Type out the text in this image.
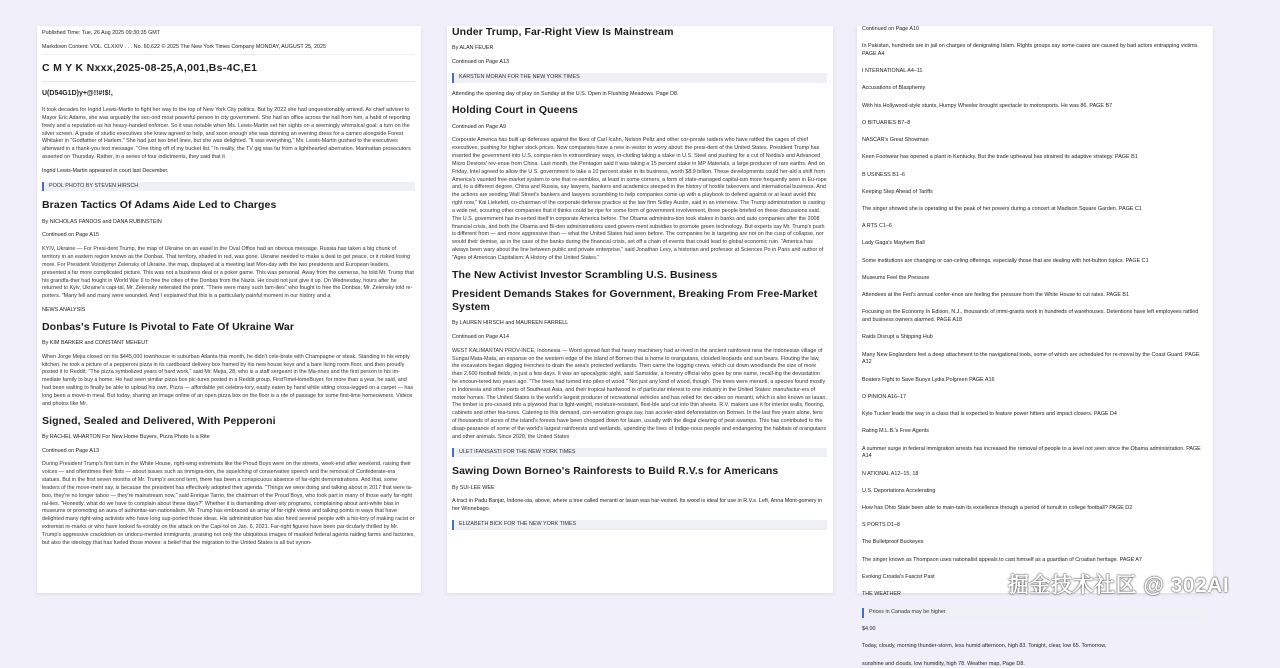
Published Time: Tue, 26 Aug 2025 09:30:35 GMT

Markdown Content: VOL. CLXXIV . . . No. 60,622 © 2025 The New York Times Company MONDAY, AUGUST 25, 2025

C M Y K Nxxx,2025-08-25,A,001,Bs-4C,E1
U(D54G1D)y+@!!#!$!,

It took decades for Ingrid Lewis-Martin to fight her way to the top of New York City politics. But by 2022 she had unquestionably arrived. As chief adviser to Mayor Eric Adams, she was arguably the sec-ond most powerful person in city government. She had an office across the hall from him, a habit of reporting freely and a reputation as his heavy-handed enforcer. So it was notable when Ms. Lewis-Martin set her sights on a seemingly whimsical goal: a turn on the silver screen. A grade of studio executives she knew agreed to help, and soon enough she was donning an evening dress for a cameo alongside Forest Whitaker in "Godfather of Harlem." She had just two brief lines, but she was delighted. "It was everything," Ms. Lewis-Martin gushed to the executives afterward in a thank-you text message. "One thing off of my bucket list." In reality, the TV gig was far from a lighthearted aberration. Manhattan prosecutors asserted on Thursday. Rather, in a series of four indictments, they said that it

Ingrid Lewis-Martin appeared in court last December.

POOL PHOTO BY STEVEN HIRSCH
Brazen Tactics Of Adams Aide Led to Charges

By NICHOLAS FANDOS and DANA RUBINSTEIN

Continued on Page A15

KYIV, Ukraine — For Presi-dent Trump, the map of Ukraine on an easel in the Oval Office had an obvious message. Russia has taken a big chunk of territory in an eastern region known as the Donbas. That territory, shaded in red, was gone. Ukraine needed to make a deal to get peace, or it risked losing more. For President Volodymyr Zelensky of Ukraine, the map, displayed at a meeting last Mon-day with the two presidents and European leaders, presented a far more complicated picture. This was not a business deal or a poker game. This was personal. Away from the cameras, he told Mr. Trump that his grandfa-ther had fought in World War II to free the cities of the Donbas from the Nazis. He could not just give it up. On Wednesday, hours after he returned to Kyiv, Ukraine's capi-tal, Mr. Zelensky reiterated the point. "There were many such fam-ilies" who fought to free the Donbas, Mr. Zelensky told re-porters. "Many fell and many were wounded. And I explained that this is a particularly painful moment in our history and a

NEWS ANALYSIS

Donbas's Future Is Pivotal to Fate Of Ukraine War

By KIM BARKER and CONSTANT MÉHEUT

When Jorge Mejia closed on his $445,000 townhouse in suburban Atlanta this month, he didn't cele-brate with Champagne or steak. Standing in his empty kitchen, he took a picture of a pepperoni pizza in its cardboard delivery box framed by his new house keys and a bare living room floor, and then proudly posted it to Reddit. "The pizza symbolized years of hard work," said Mr. Mejia, 28, who is a staff sergeant in the Ma-rines and the first person in his im-mediate family to buy a home. He had seen similar pizza box pic-tures posted in a Reddit group, FirstTimeHomeBuyer, for more than a year, he said, and had been waiting to finally be able to upload his own. Pizza — affordable yet celebra-tory, easily eaten by hand while sitting cross-legged on a carpet — has long been a move-in meal. But today, sharing an image online of an open pizza box on the floor is a rite of passage for some first-time homeowners. Videos and photos like Mr.

Signed, Sealed and Delivered, With Pepperoni

By RACHEL WHARTON For New Home Buyers, Pizza Photo Is a Rite

Continued on Page A13

During President Trump's first turn in the White House, right-wing extremists like the Proud Boys were on the streets, week-end after weekend, raising their voices — and oftentimes their fists — about issues such as immigra-tion, the squelching of conservative speech and the removal of Confederate-era statues. But in the first seven months of Mr. Trump's second term, there has been a conspicuous absence of far-right demonstrations. And that, some leaders of the move-ment say, is because the president has effectively adopted their agenda. "Things we were doing and talking about in 2017 that were ta-boo, they're no longer taboo — they're mainstream now," said Enrique Tarrio, the chairman of the Proud Boys, who took part in many of those early far-right ral-lies. "Honestly, what do we have to complain about these days?" Whether it is dismantling diver-sity programs, complaining about anti-white bias in museums or promoting an aura of authoritar-ian-nationalism, Mr. Trump has embraced an array of far-right views and talking points in ways that have delighted many right-wing activists who have long sup-ported those ideas. His administration has also hired several people with a his-tory of making racist or extremist re-marks or who have looked fa-vorably on the attack on the Capi-tol on Jan. 6, 2021. Far-right figures have been par-ticularly thrilled by Mr. Trump's aggressive crackdown on undocu-mented immigrants, praising not only the ubiquitous images of masked federal agents raiding farms and factories, but also the ideology that has fueled those moves: a belief that the migration to the United States is all but synon-

Under Trump, Far-Right View Is Mainstream

By ALAN FEUER

Continued on Page A13

KARSTEN MORAN FOR THE NEW YORK TIMES

Attending the opening day of play on Sunday at the U.S. Open in Flushing Meadows. Page D8.

Holding Court in Queens

Continued on Page A9

Corporate America has built up defenses against the likes of Carl Icahn, Nelson Peltz and other cor-porate raiders who have rattled the cages of chief executives, pushing for higher stock prices. Now companies have a new in-vestor to worry about: the presi-dent of the United States. President Trump has inserted the government into U.S. compa-nies in extraordinary ways, in-cluding taking a stake in U.S. Steel and pushing for a cut of Nvidia's and Advanced Micro Devices' rev-enue from China. Last month, the Pentagon said it was taking a 15 percent stake in MP Materials, a large producer of rare earths. And on Friday, Intel agreed to allow the U.S. government to take a 10 percent stake in its business, worth $8.9 billion. These developments could her-ald a shift from America's vaunted free-market system to one that re-sembles, at least in some corners, a form of state-managed capital-ism more frequently seen in Eu-rope and, to a different degree, China and Russia, say lawyers, bankers and academics steeped in the history of hostile takeovers and international business. And the actions are sending Wall Street's bankers and lawyers scrambling to help companies come up with a playbook to defend against or at least avoid this right now," Kai Liekefett, co-chairman of the corporate defense practice at the law firm Sidley Austin, said in an interview. The Trump administration is casting a wide net, scouring other companies that it thinks could be ripe for some form of government involvement, three people briefed on these discussions said. The U.S. government has in-serted itself in corporate America before. The Obama administra-tion took stakes in banks and auto companies after the 2008 financial crisis, and both the Obama and Bi-den administrations used govern-ment subsidies to promote green technology. But experts say Mr. Trump's push is different from — and more aggressive than — what the United States had seen before. The companies he is targeting are not on the cusp of collapse, nor would their demise, as in the case of the banks during the financial crisis, set off a chain of events that could lead to global economic ruin. "America has always been wary about the line between public and private enterprise," said Jonathan Levy, a historian and professor at Sciences Po in Paris and author of "Ages of American Capitalism: A History of the United States."

The New Activist Investor Scrambling U.S. Business
President Demands Stakes for Government, Breaking From Free-Market System

By LAUREN HIRSCH and MAUREEN FARRELL

Continued on Page A14

WEST KALIMANTAN PROV-INCE, Indonesia — Word spread fast that heavy machinery had ar-rived in the ancient rainforest near the Indonesian village of Sungai Mata-Mata, an expanse on the western edge of the island of Borneo that is home to orangutans, clouded leopards and sun bears. Flouting the law, the excavators began digging trenches to drain the area's protected wetlands. Then came the logging crews, which cut down woodlands the size of more than 2,600 football fields, in just a few days. It was an apocalyptic sight, said Samsidar, a forestry official who goes by one name, recall-ing the devastation he encoun-tered two years ago. "The trees had turned into piles of wood." Not just any kind of wood, though. The trees were meranti, a species found mostly in Indonesia and other parts of Southeast Asia, and their tropical hardwood is of particular interest to one industry in the United States: manufactur-ers of motor homes. The United States is the world's largest producer of recreational vehicles and has relied for dec-ades on meranti, which is also known as lauan. The timber is pro-cessed into a plywood that is light-weight, moisture-resistant, flexi-ble and cut into thin sheets. R.V. makers use it for interior walls, flooring, cabinets and other fea-tures. Catering to this demand, con-servation groups say, has acceler-ated deforestation on Borneo. In the last five years alone, tens of thousands of acres of the island's forests have been chopped down for lauan, usually with the illegal clearing of peat swamps. This has contributed to the disap-pearance of some of the world's largest rainforests and wetlands, upending the lives of Indige-nous people and endangering the habitats of orangutans and other animals. Since 2020, the United States

ULET IFANSASTI FOR THE NEW YORK TIMES
Sawing Down Borneo's Rainforests to Build R.V.s for Americans

By SUI-LEE WEE

A tract in Padu Banjar, Indone-sia, above, where a tree called meranti or lauan was har-vested. Its wood is ideal for use in R.V.s. Left, Anna Mont-gomery in her Winnebago.

ELIZABETH BICK FOR THE NEW YORK TIMES

Continued on Page A10

In Pakistan, hundreds are in jail on charges of denigrating Islam. Rights groups say some cases are caused by bad actors entrapping victims. PAGE A4

I NTERNATIONAL A4–11

Accusations of Blasphemy

With his Hollywood-style stunts, Humpy Wheeler brought spectacle to motorsports. He was 86. PAGE B7

O BITUARIES B7–8

NASCAR's Great Showman

Keen Footwear has opened a plant in Kentucky. But the trade upheaval has strained its adaptive strategy. PAGE B1

B USINESS B1–6

Keeping Step Ahead of Tariffs

The singer showed she is operating at the peak of her powers during a concert at Madison Square Garden. PAGE C1

A RTS C1–6

Lady Gaga's Mayhem Ball

Some institutions are changing or can-celing offerings, especially those that are dealing with hot-button topics. PAGE C1

Museums Feel the Pressure

Attendees at the Fed's annual confer-ence are feeling the pressure from the White House to cut rates. PAGE B1

Focusing on the Economy In Edison, N.J., thousands of immi-grants work in hundreds of warehouses. Detentions have left employees rattled and business owners alarmed. PAGE A18

Raids Disrupt a Shipping Hub

Many New Englanders feel a deep attachment to the navigational tools, some of which are scheduled for re-moval by the Coast Guard. PAGE A12

Boaters Fight to Save Buoys Lydia Polgreen PAGE A16

O PINION A16–17

Kyle Tucker leads the way in a class that is expected to feature power hitters and impact closers. PAGE D4

Rating M.L.B.'s Free Agents

A summer surge in federal immigration arrests has increased the removal of people to a level not seen since the Obama administration. PAGE A14

N ATIONAL A12–15, 18

U.S. Deportations Accelerating

How has Ohio State been able to main-tain its excellence through a period of tumult in college football? PAGE D2

S PORTS D1–8

The Bulletproof Buckeyes

The singer known as Thompson uses nationalist appeals to cast himself as a guardian of Croatian heritage. PAGE A7

Evoking Croatia's Fascist Past

THE WEATHER

Prices in Canada may be higher

$4.00

Today, cloudy, morning thunder-storm, less humid afternoon, high 83. Tonight, clear, low 65. Tomorrow,

sunshine and clouds, low humidity, high 78. Weather map, Page D8.

掘金技术社区 @ 302AI
